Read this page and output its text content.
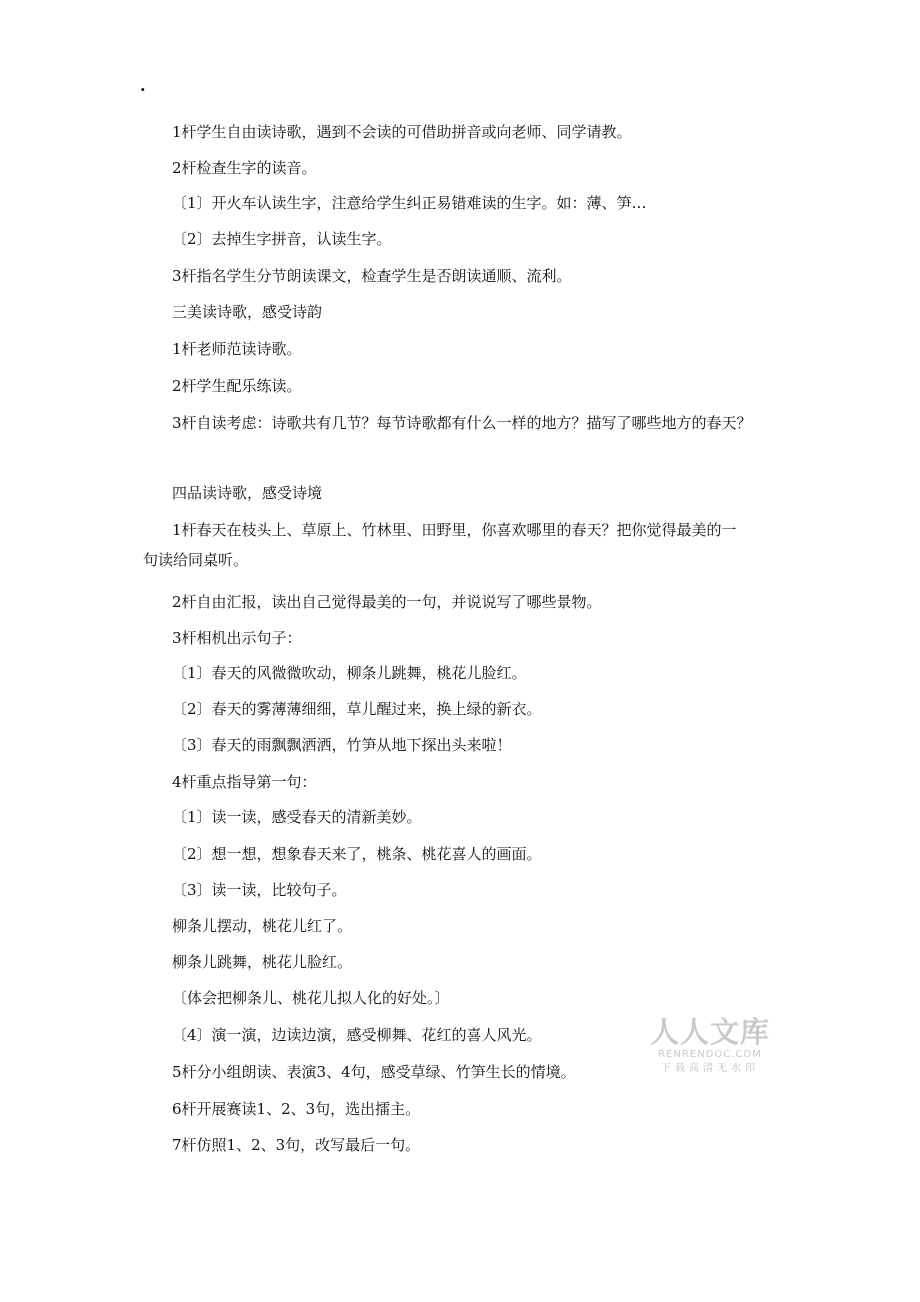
.
1杆学生自由读诗歌，遇到不会读的可借助拼音或向老师、同学请教。
2杆检查生字的读音。
〔1〕开火车认读生字，注意给学生纠正易错难读的生字。如：薄、笋…
〔2〕去掉生字拼音，认读生字。
3杆指名学生分节朗读课文，检查学生是否朗读通顺、流利。
三美读诗歌，感受诗韵
1杆老师范读诗歌。
2杆学生配乐练读。
3杆自读考虑：诗歌共有几节？每节诗歌都有什么一样的地方？描写了哪些地方的春天？
四品读诗歌，感受诗境
1杆春天在枝头上、草原上、竹林里、田野里，你喜欢哪里的春天？把你觉得最美的一
句读给同桌听。
2杆自由汇报，读出自己觉得最美的一句，并说说写了哪些景物。
3杆相机出示句子：
〔1〕春天的风微微吹动，柳条儿跳舞，桃花儿脸红。
〔2〕春天的雾薄薄细细，草儿醒过来，换上绿的新衣。
〔3〕春天的雨飘飘洒洒，竹笋从地下探出头来啦！
4杆重点指导第一句：
〔1〕读一读，感受春天的清新美妙。
〔2〕想一想，想象春天来了，桃条、桃花喜人的画面。
〔3〕读一读，比较句子。
柳条儿摆动，桃花儿红了。
柳条儿跳舞，桃花儿脸红。
〔体会把柳条儿、桃花儿拟人化的好处。〕
〔4〕演一演，边读边演，感受柳舞、花红的喜人风光。
5杆分小组朗读、表演3、4句，感受草绿、竹笋生长的情境。
6杆开展赛读1、2、3句，选出擂主。
7杆仿照1、2、3句，改写最后一句。
人人文库
RENRENDOC.COM
下载高清无水印
